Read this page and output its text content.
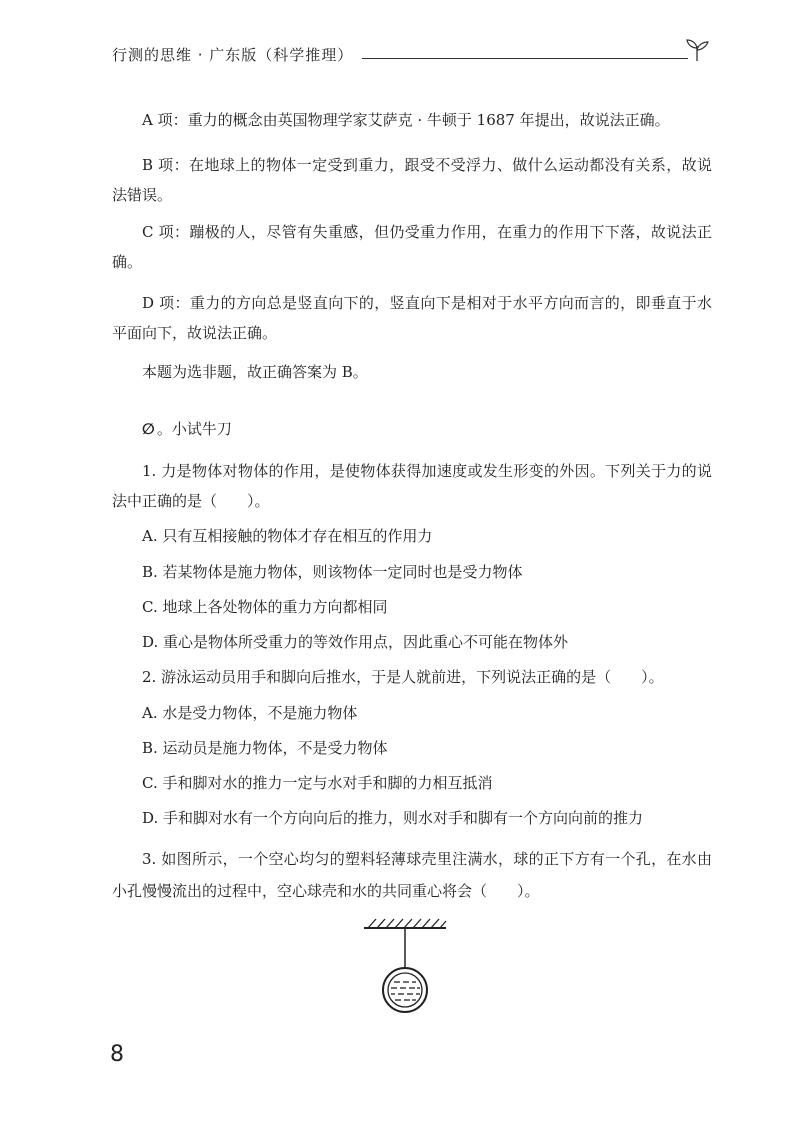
行测的思维 · 广东版（科学推理）

A 项：重力的概念由英国物理学家艾萨克 · 牛顿于 1687 年提出，故说法正确。

B 项：在地球上的物体一定受到重力，跟受不受浮力、做什么运动都没有关系，故说法错误。

C 项：蹦极的人，尽管有失重感，但仍受重力作用，在重力的作用下下落，故说法正确。

D 项：重力的方向总是竖直向下的，竖直向下是相对于水平方向而言的，即垂直于水平面向下，故说法正确。

本题为选非题，故正确答案为 B。

∅ 。小试牛刀

1. 力是物体对物体的作用，是使物体获得加速度或发生形变的外因。下列关于力的说法中正确的是（　　）。

A. 只有互相接触的物体才存在相互的作用力

B. 若某物体是施力物体，则该物体一定同时也是受力物体

C. 地球上各处物体的重力方向都相同

D. 重心是物体所受重力的等效作用点，因此重心不可能在物体外

2. 游泳运动员用手和脚向后推水，于是人就前进，下列说法正确的是（　　）。

A. 水是受力物体，不是施力物体

B. 运动员是施力物体，不是受力物体

C. 手和脚对水的推力一定与水对手和脚的力相互抵消

D. 手和脚对水有一个方向向后的推力，则水对手和脚有一个方向向前的推力

3. 如图所示，一个空心均匀的塑料轻薄球壳里注满水，球的正下方有一个孔，在水由小孔慢慢流出的过程中，空心球壳和水的共同重心将会（　　）。

8
